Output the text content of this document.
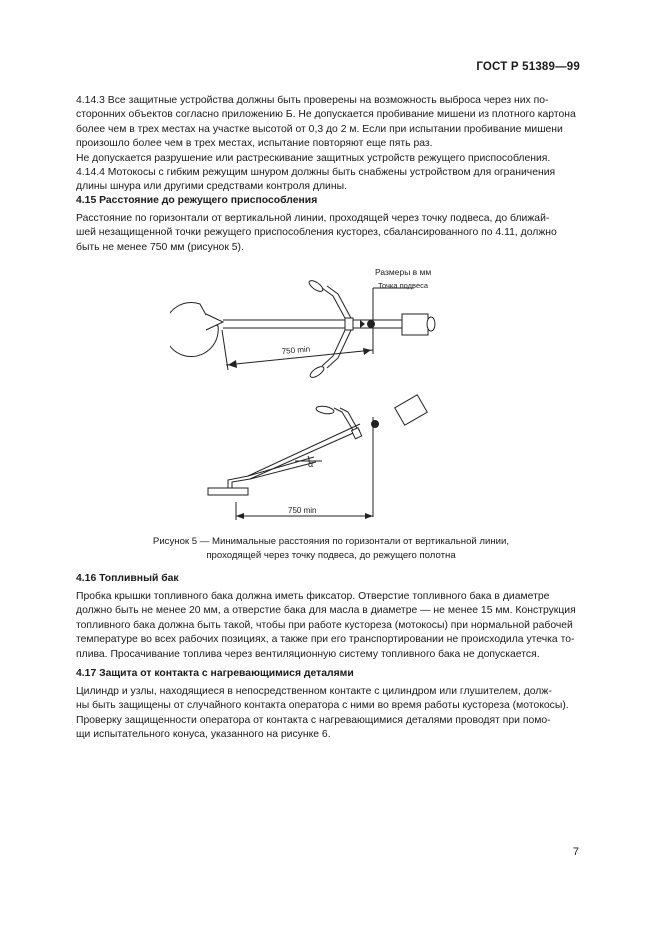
ГОСТ Р 51389—99
4.14.3 Все защитные устройства должны быть проверены на возможность выброса через них по-
сторонних объектов согласно приложению Б. Не допускается пробивание мишени из плотного картона
более чем в трех местах на участке высотой от 0,3 до 2 м. Если при испытании пробивание мишени
произошло более чем в трех местах, испытание повторяют еще пять раз.
Не допускается разрушение или растрескивание защитных устройств режущего приспособления.
4.14.4 Мотокосы с гибким режущим шнуром должны быть снабжены устройством для ограничения
длины шнура или другими средствами контроля длины.
4.15 Расстояние до режущего приспособления
Расстояние по горизонтали от вертикальной линии, проходящей через точку подвеса, до ближай-
шей незащищенной точки режущего приспособления кусторез, сбалансированного по 4.11, должно
быть не менее 750 мм (рисунок 5).
Размеры в мм
Точка подвеса
750 min
α
750 min
Рисунок 5 — Минимальные расстояния по горизонтали от вертикальной линии,
проходящей через точку подвеса, до режущего полотна
4.16 Топливный бак
Пробка крышки топливного бака должна иметь фиксатор. Отверстие топливного бака в диаметре
должно быть не менее 20 мм, а отверстие бака для масла в диаметре — не менее 15 мм. Конструкция
топливного бака должна быть такой, чтобы при работе кустореза (мотокосы) при нормальной рабочей
температуре во всех рабочих позициях, а также при его транспортировании не происходила утечка то-
плива. Просачивание топлива через вентиляционную систему топливного бака не допускается.
4.17 Защита от контакта с нагревающимися деталями
Цилиндр и узлы, находящиеся в непосредственном контакте с цилиндром или глушителем, долж-
ны быть защищены от случайного контакта оператора с ними во время работы кустореза (мотокосы).
Проверку защищенности оператора от контакта с нагревающимися деталями проводят при помо-
щи испытательного конуса, указанного на рисунке 6.
7
